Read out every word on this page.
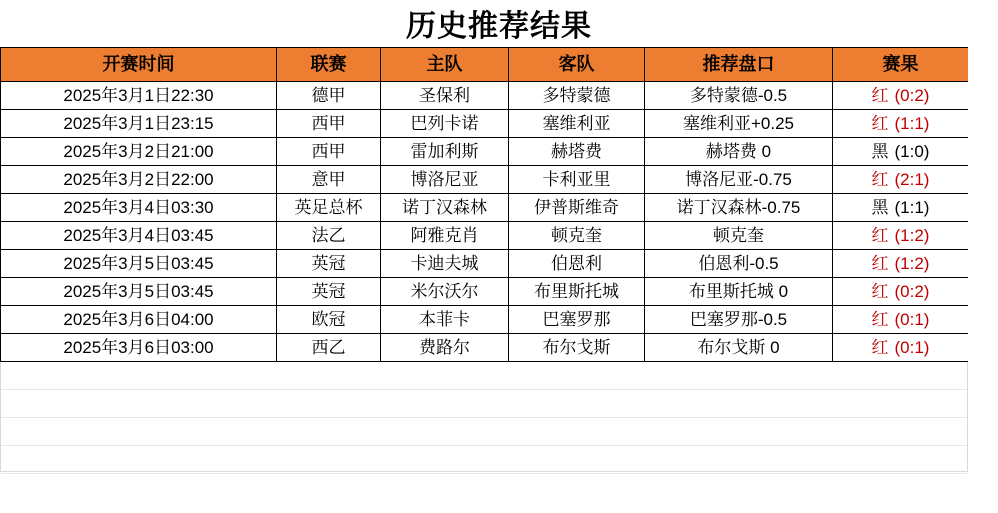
历史推荐结果
开赛时间	联赛	主队	客队	推荐盘口	赛果
2025年3月1日22:30	德甲	圣保利	多特蒙德	多特蒙德-0.5	红 (0:2)
2025年3月1日23:15	西甲	巴列卡诺	塞维利亚	塞维利亚+0.25	红 (1:1)
2025年3月2日21:00	西甲	雷加利斯	赫塔费	赫塔费 0	黑 (1:0)
2025年3月2日22:00	意甲	博洛尼亚	卡利亚里	博洛尼亚-0.75	红 (2:1)
2025年3月4日03:30	英足总杯	诺丁汉森林	伊普斯维奇	诺丁汉森林-0.75	黑 (1:1)
2025年3月4日03:45	法乙	阿雅克肖	顿克奎	顿克奎	红 (1:2)
2025年3月5日03:45	英冠	卡迪夫城	伯恩利	伯恩利-0.5	红 (1:2)
2025年3月5日03:45	英冠	米尔沃尔	布里斯托城	布里斯托城 0	红 (0:2)
2025年3月6日04:00	欧冠	本菲卡	巴塞罗那	巴塞罗那-0.5	红 (0:1)
2025年3月6日03:00	西乙	费路尔	布尔戈斯	布尔戈斯 0	红 (0:1)
